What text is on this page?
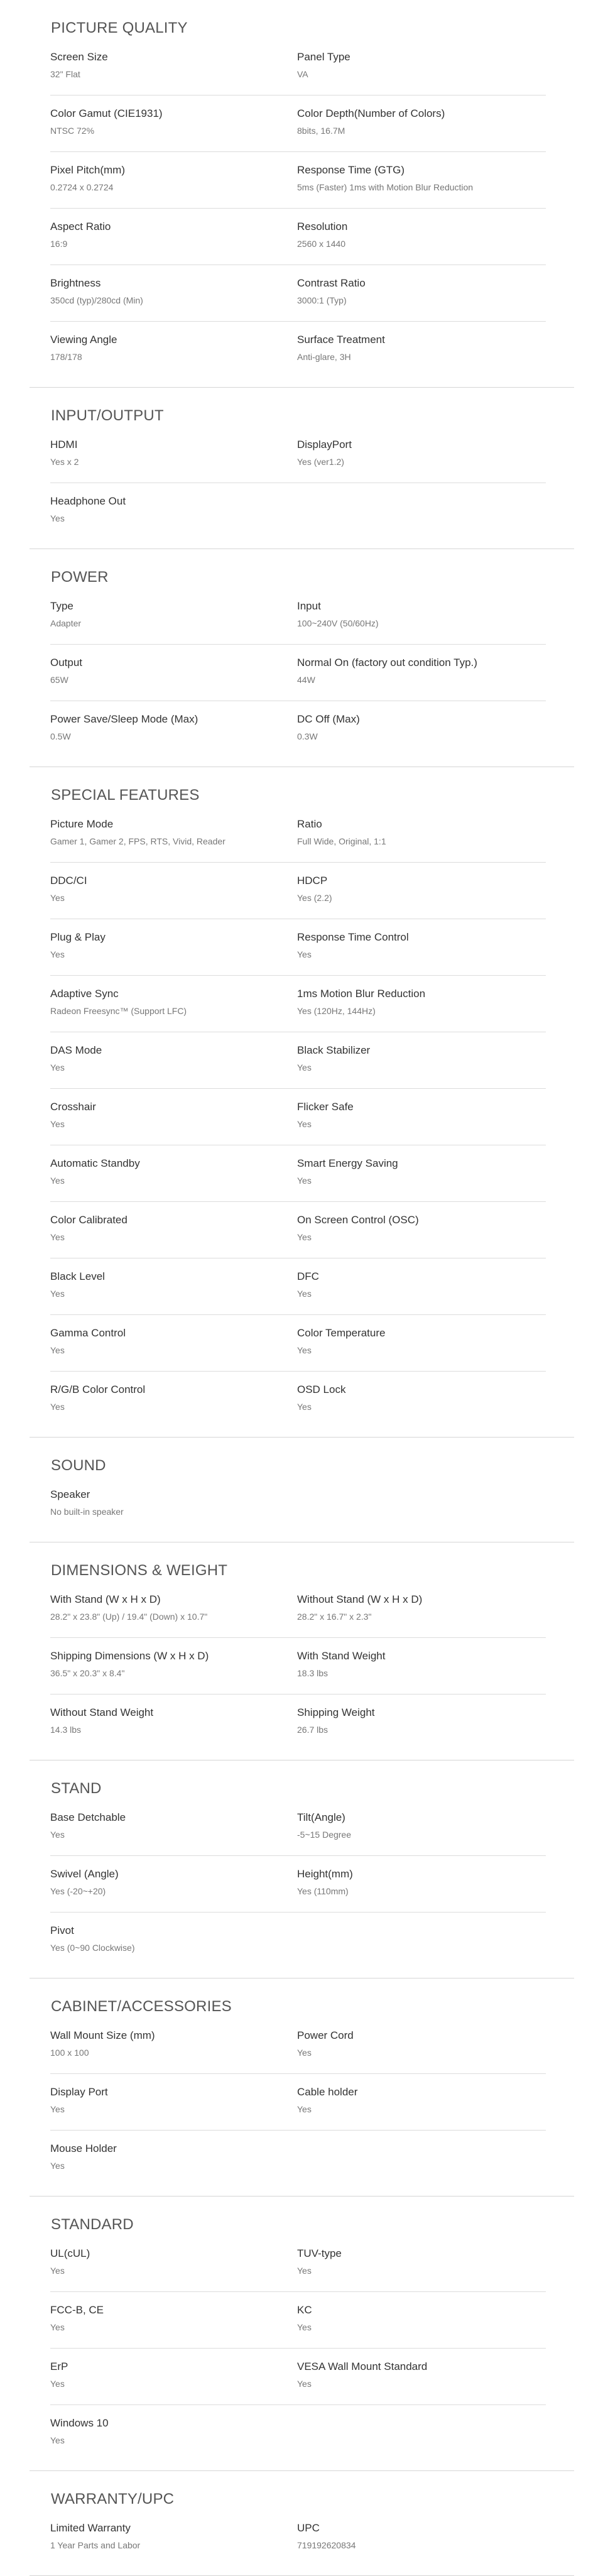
PICTURE QUALITY
Screen Size
32" Flat
Panel Type
VA
Color Gamut (CIE1931)
NTSC 72%
Color Depth(Number of Colors)
8bits, 16.7M
Pixel Pitch(mm)
0.2724 x 0.2724
Response Time (GTG)
5ms (Faster) 1ms with Motion Blur Reduction
Aspect Ratio
16:9
Resolution
2560 x 1440
Brightness
350cd (typ)/280cd (Min)
Contrast Ratio
3000:1 (Typ)
Viewing Angle
178/178
Surface Treatment
Anti-glare, 3H
INPUT/OUTPUT
HDMI
Yes x 2
DisplayPort
Yes (ver1.2)
Headphone Out
Yes
POWER
Type
Adapter
Input
100~240V (50/60Hz)
Output
65W
Normal On (factory out condition Typ.)
44W
Power Save/Sleep Mode (Max)
0.5W
DC Off (Max)
0.3W
SPECIAL FEATURES
Picture Mode
Gamer 1, Gamer 2, FPS, RTS, Vivid, Reader
Ratio
Full Wide, Original, 1:1
DDC/CI
Yes
HDCP
Yes (2.2)
Plug & Play
Yes
Response Time Control
Yes
Adaptive Sync
Radeon Freesync™ (Support LFC)
1ms Motion Blur Reduction
Yes (120Hz, 144Hz)
DAS Mode
Yes
Black Stabilizer
Yes
Crosshair
Yes
Flicker Safe
Yes
Automatic Standby
Yes
Smart Energy Saving
Yes
Color Calibrated
Yes
On Screen Control (OSC)
Yes
Black Level
Yes
DFC
Yes
Gamma Control
Yes
Color Temperature
Yes
R/G/B Color Control
Yes
OSD Lock
Yes
SOUND
Speaker
No built-in speaker
DIMENSIONS & WEIGHT
With Stand (W x H x D)
28.2" x 23.8" (Up) / 19.4" (Down) x 10.7"
Without Stand (W x H x D)
28.2" x 16.7" x 2.3"
Shipping Dimensions (W x H x D)
36.5" x 20.3" x 8.4"
With Stand Weight
18.3 lbs
Without Stand Weight
14.3 lbs
Shipping Weight
26.7 lbs
STAND
Base Detchable
Yes
Tilt(Angle)
-5~15 Degree
Swivel (Angle)
Yes (-20~+20)
Height(mm)
Yes (110mm)
Pivot
Yes (0~90 Clockwise)
CABINET/ACCESSORIES
Wall Mount Size (mm)
100 x 100
Power Cord
Yes
Display Port
Yes
Cable holder
Yes
Mouse Holder
Yes
STANDARD
UL(cUL)
Yes
TUV-type
Yes
FCC-B, CE
Yes
KC
Yes
ErP
Yes
VESA Wall Mount Standard
Yes
Windows 10
Yes
WARRANTY/UPC
Limited Warranty
1 Year Parts and Labor
UPC
719192620834
